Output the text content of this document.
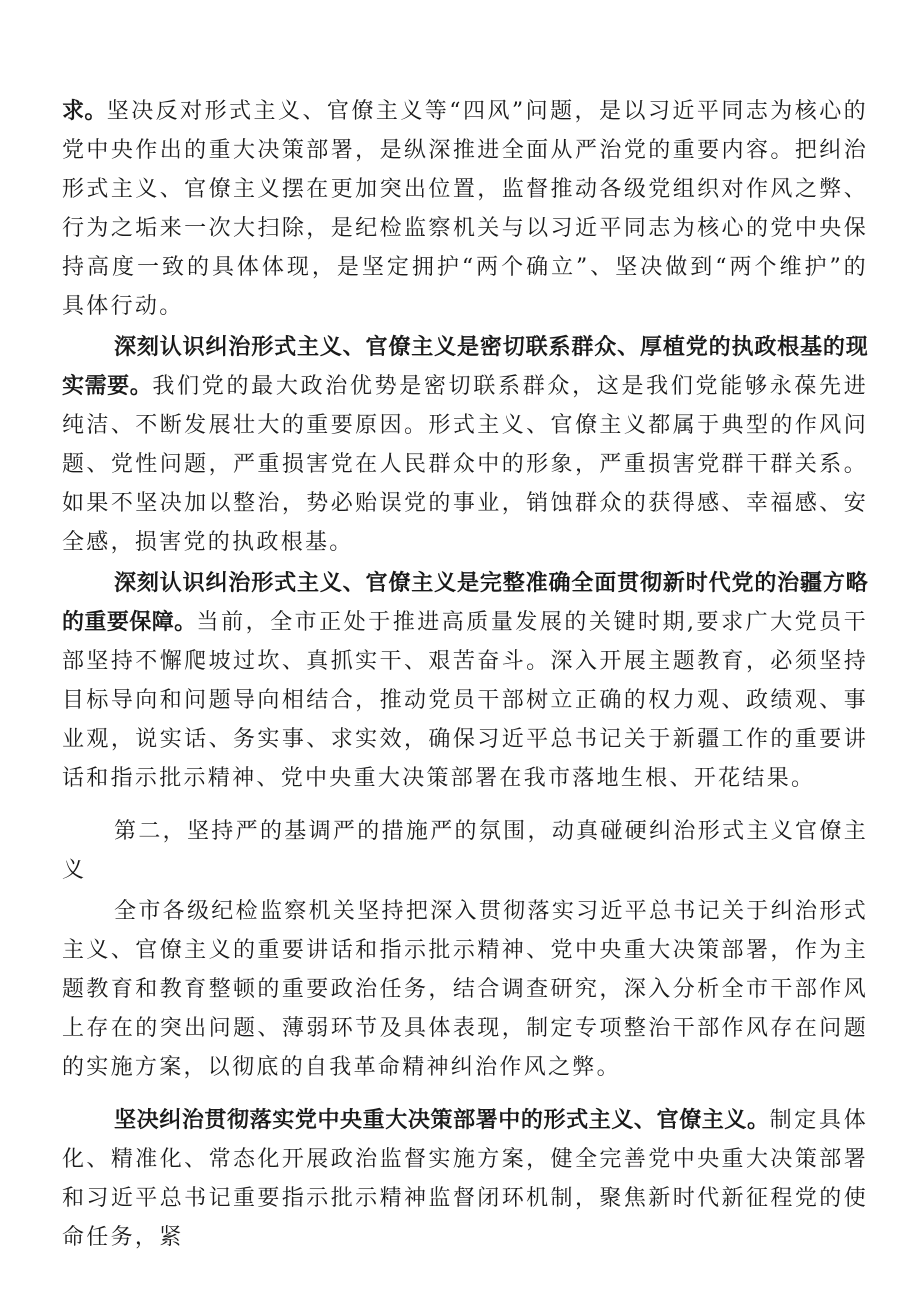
求。坚决反对形式主义、官僚主义等“四风”问题，是以习近平同志为核心的党中央作出的重大决策部署，是纵深推进全面从严治党的重要内容。把纠治形式主义、官僚主义摆在更加突出位置，监督推动各级党组织对作风之弊、行为之垢来一次大扫除，是纪检监察机关与以习近平同志为核心的党中央保持高度一致的具体体现，是坚定拥护“两个确立”、坚决做到“两个维护”的具体行动。

深刻认识纠治形式主义、官僚主义是密切联系群众、厚植党的执政根基的现实需要。我们党的最大政治优势是密切联系群众，这是我们党能够永葆先进纯洁、不断发展壮大的重要原因。形式主义、官僚主义都属于典型的作风问题、党性问题，严重损害党在人民群众中的形象，严重损害党群干群关系。如果不坚决加以整治，势必贻误党的事业，销蚀群众的获得感、幸福感、安全感，损害党的执政根基。

深刻认识纠治形式主义、官僚主义是完整准确全面贯彻新时代党的治疆方略的重要保障。当前，全市正处于推进高质量发展的关键时期,要求广大党员干部坚持不懈爬坡过坎、真抓实干、艰苦奋斗。深入开展主题教育，必须坚持目标导向和问题导向相结合，推动党员干部树立正确的权力观、政绩观、事业观，说实话、务实事、求实效，确保习近平总书记关于新疆工作的重要讲话和指示批示精神、党中央重大决策部署在我市落地生根、开花结果。

第二，坚持严的基调严的措施严的氛围，动真碰硬纠治形式主义官僚主义

全市各级纪检监察机关坚持把深入贯彻落实习近平总书记关于纠治形式主义、官僚主义的重要讲话和指示批示精神、党中央重大决策部署，作为主题教育和教育整顿的重要政治任务，结合调查研究，深入分析全市干部作风上存在的突出问题、薄弱环节及具体表现，制定专项整治干部作风存在问题的实施方案，以彻底的自我革命精神纠治作风之弊。

坚决纠治贯彻落实党中央重大决策部署中的形式主义、官僚主义。制定具体化、精准化、常态化开展政治监督实施方案，健全完善党中央重大决策部署和习近平总书记重要指示批示精神监督闭环机制，聚焦新时代新征程党的使命任务，紧
